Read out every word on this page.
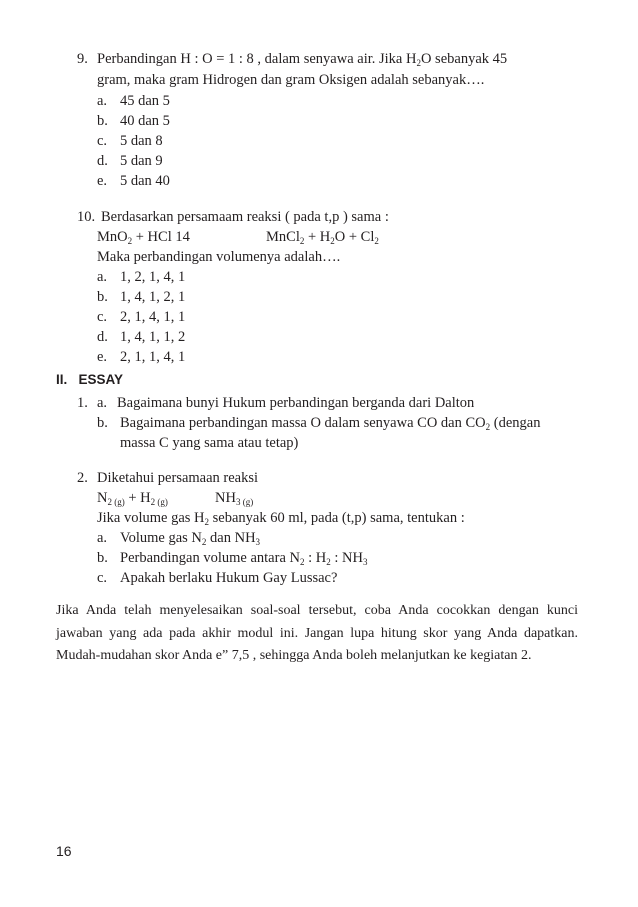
9. Perbandingan H : O = 1 : 8 , dalam senyawa air. Jika $H_2O$ sebanyak 45
gram, maka gram Hidrogen dan gram Oksigen adalah sebanyak….
a. 45 dan 5
b. 40 dan 5
c. 5 dan 8
d. 5 dan 9
e. 5 dan 40
10. Berdasarkan persamaam reaksi ( pada t,p ) sama :
MnO$_2$ + HCl 14	MnCl$_2$ + $H_2O + Cl_2$
Maka perbandingan volumenya adalah….
a. 1, 2, 1, 4, 1
b. 1, 4, 1, 2, 1
c. 2, 1, 4, 1, 1
d. 1, 4, 1, 1, 2
e. 2, 1, 1, 4, 1
II.   ESSAY
1. a. Bagaimana bunyi Hukum perbandingan berganda dari Dalton
b. Bagaimana perbandingan massa O dalam senyawa CO dan $CO_2$ (dengan
massa C yang sama atau tetap)
2. Diketahui persamaan reaksi
$N_{2 (g)} + H_{2 (g)}$	$NH_{3 (g)}$
Jika volume gas $H_2$ sebanyak 60 ml, pada (t,p) sama, tentukan :
a. Volume gas $N_2$ dan $NH_3$
b. Perbandingan volume antara $N_2$ : $H_2$ : $NH_3$
c. Apakah berlaku Hukum Gay Lussac?
Jika Anda telah menyelesaikan soal-soal tersebut, coba Anda cocokkan dengan kunci jawaban yang ada pada akhir modul ini. Jangan lupa hitung skor yang Anda dapatkan. Mudah-mudahan skor Anda e” 7,5 , sehingga Anda boleh melanjutkan ke kegiatan 2.
16
